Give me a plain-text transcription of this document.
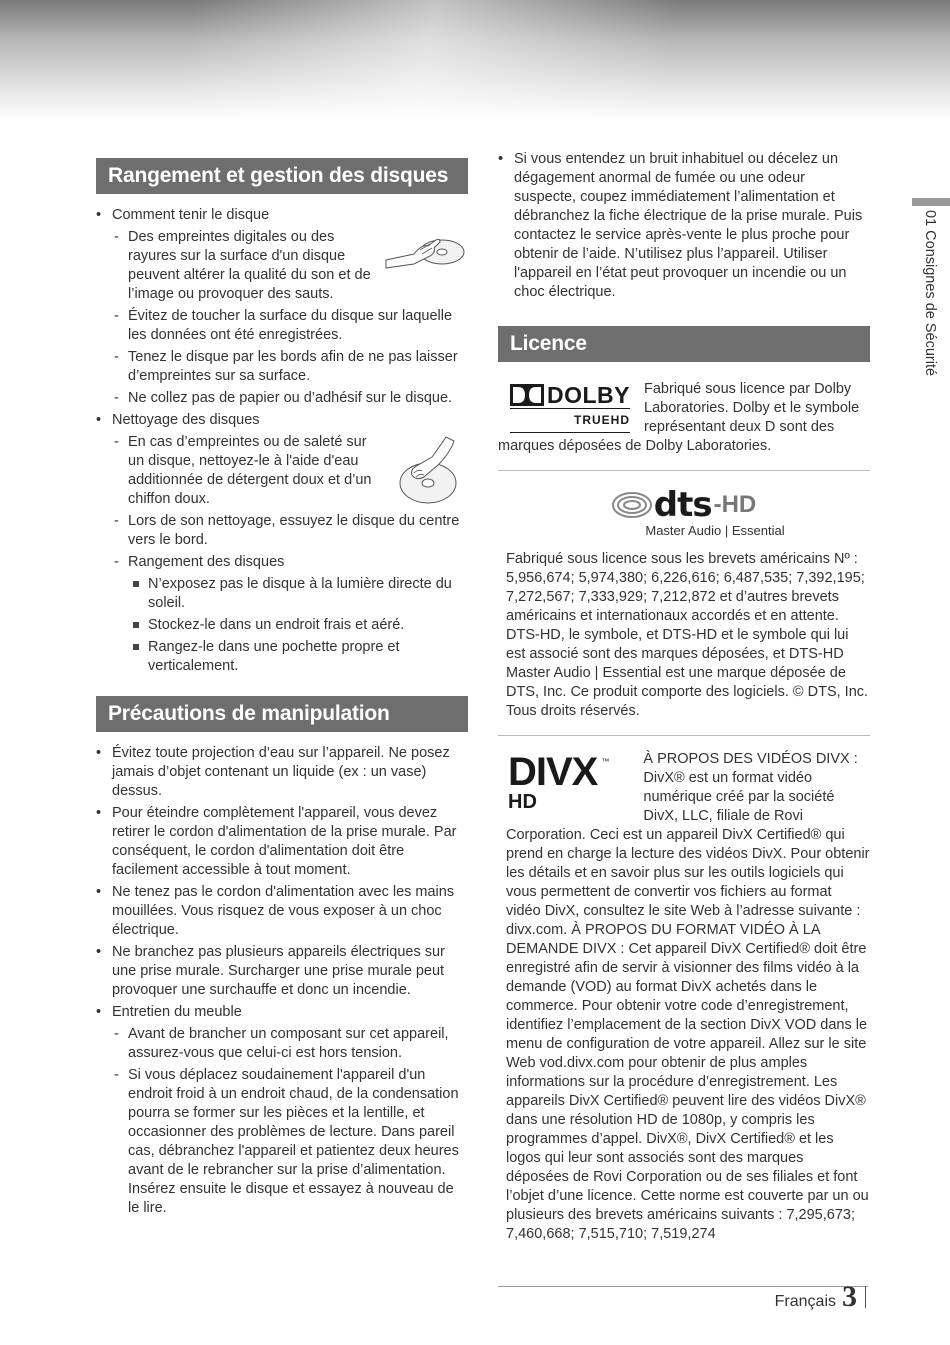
01 Consignes de Sécurité
Rangement et gestion des disques
• Comment tenir le disque
- Des empreintes digitales ou des rayures sur la surface d'un disque peuvent altérer la qualité du son et de l’image ou provoquer des sauts.
- Évitez de toucher la surface du disque sur laquelle les données ont été enregistrées.
- Tenez le disque par les bords afin de ne pas laisser d’empreintes sur sa surface.
- Ne collez pas de papier ou d’adhésif sur le disque.
• Nettoyage des disques
- En cas d’empreintes ou de saleté sur un disque, nettoyez-le à l'aide d'eau additionnée de détergent doux et d’un chiffon doux.
- Lors de son nettoyage, essuyez le disque du centre vers le bord.
- Rangement des disques
N’exposez pas le disque à la lumière directe du soleil.
Stockez-le dans un endroit frais et aéré.
Rangez-le dans une pochette propre et verticalement.
Précautions de manipulation
• Évitez toute projection d’eau sur l’appareil. Ne posez jamais d’objet contenant un liquide (ex : un vase) dessus.
• Pour éteindre complètement l'appareil, vous devez retirer le cordon d'alimentation de la prise murale. Par conséquent, le cordon d'alimentation doit être facilement accessible à tout moment.
• Ne tenez pas le cordon d'alimentation avec les mains mouillées. Vous risquez de vous exposer à un choc électrique.
• Ne branchez pas plusieurs appareils électriques sur une prise murale. Surcharger une prise murale peut provoquer une surchauffe et donc un incendie.
• Entretien du meuble
- Avant de brancher un composant sur cet appareil, assurez-vous que celui-ci est hors tension.
- Si vous déplacez soudainement l'appareil d'un endroit froid à un endroit chaud, de la condensation pourra se former sur les pièces et la lentille, et occasionner des problèmes de lecture. Dans pareil cas, débranchez l'appareil et patientez deux heures avant de le rebrancher sur la prise d’alimentation. Insérez ensuite le disque et essayez à nouveau de le lire.
• Si vous entendez un bruit inhabituel ou décelez un dégagement anormal de fumée ou une odeur suspecte, coupez immédiatement l’alimentation et débranchez la fiche électrique de la prise murale. Puis contactez le service après-vente le plus proche pour obtenir de l’aide. N’utilisez plus l’appareil. Utiliser l'appareil en l’état peut provoquer un incendie ou un choc électrique.
Licence
DOLBY
TRUEHD
Fabriqué sous licence par Dolby Laboratories. Dolby et le symbole représentant deux D sont des marques déposées de Dolby Laboratories.
dts -HD
Master Audio | Essential
Fabriqué sous licence sous les brevets américains Nº : 5,956,674; 5,974,380; 6,226,616; 6,487,535; 7,392,195; 7,272,567; 7,333,929; 7,212,872 et d’autres brevets américains et internationaux accordés et en attente. DTS-HD, le symbole, et DTS-HD et le symbole qui lui est associé sont des marques déposées, et DTS-HD Master Audio | Essential est une marque déposée de DTS, Inc. Ce produit comporte des logiciels. © DTS, Inc. Tous droits réservés.
DIVX ™
HD
À PROPOS DES VIDÉOS DIVX : DivX® est un format vidéo numérique créé par la société DivX, LLC, filiale de Rovi Corporation. Ceci est un appareil DivX Certified® qui prend en charge la lecture des vidéos DivX. Pour obtenir les détails et en savoir plus sur les outils logiciels qui vous permettent de convertir vos fichiers au format vidéo DivX, consultez le site Web à l’adresse suivante : divx.com. À PROPOS DU FORMAT VIDÉO À LA DEMANDE DIVX : Cet appareil DivX Certified® doit être enregistré afin de servir à visionner des films vidéo à la demande (VOD) au format DivX achetés dans le commerce. Pour obtenir votre code d’enregistrement, identifiez l’emplacement de la section DivX VOD dans le menu de configuration de votre appareil. Allez sur le site Web vod.divx.com pour obtenir de plus amples informations sur la procédure d’enregistrement. Les appareils DivX Certified® peuvent lire des vidéos DivX® dans une résolution HD de 1080p, y compris les programmes d’appel. DivX®, DivX Certified® et les logos qui leur sont associés sont des marques déposées de Rovi Corporation ou de ses filiales et font l’objet d’une licence. Cette norme est couverte par un ou plusieurs des brevets américains suivants : 7,295,673; 7,460,668; 7,515,710; 7,519,274
Français 3
